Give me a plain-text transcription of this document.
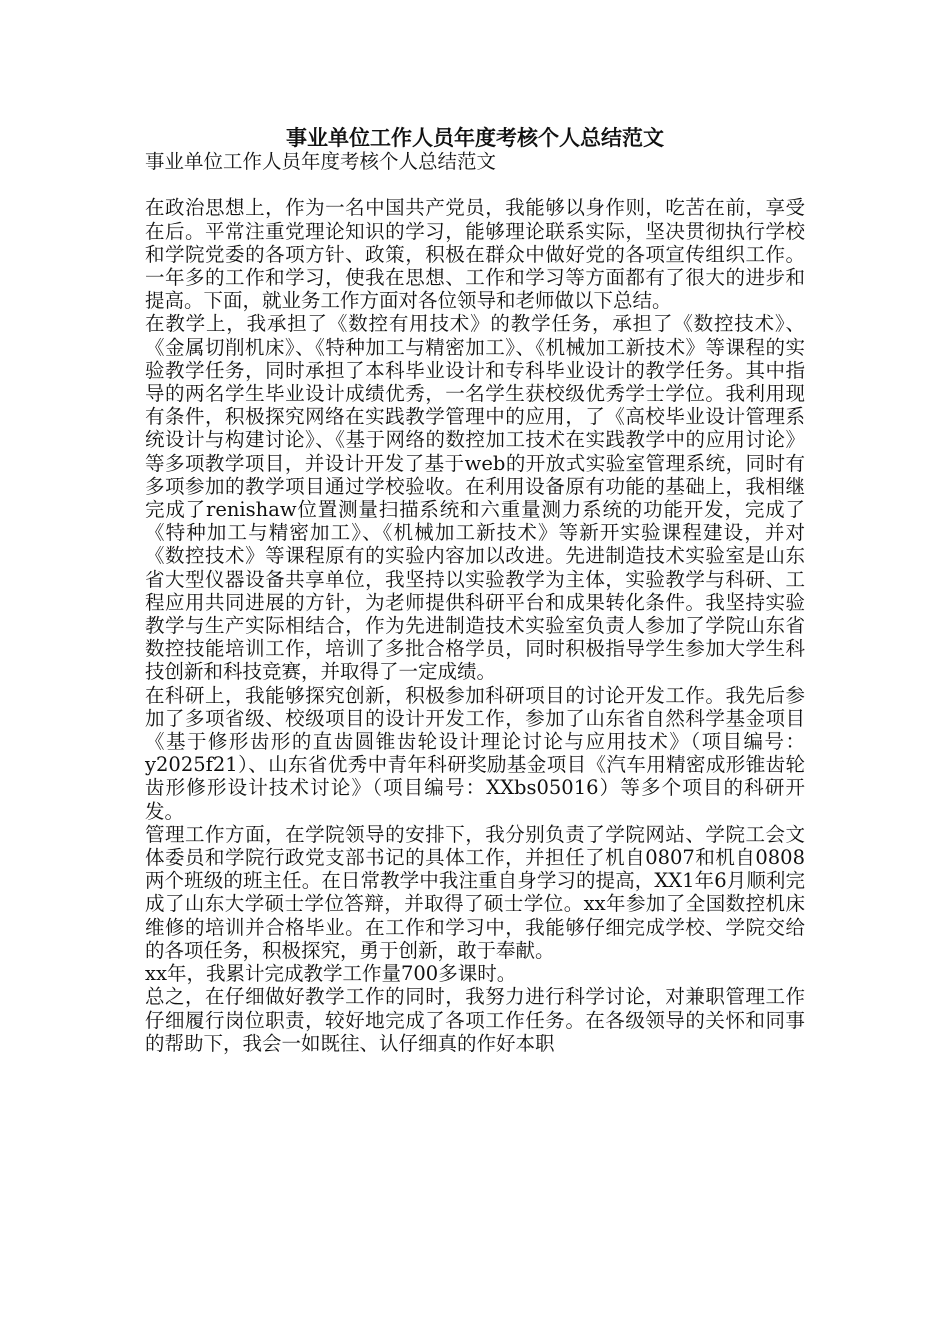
事业单位工作人员年度考核个人总结范文

事业单位工作人员年度考核个人总结范文

在政治思想上，作为一名中国共产党员，我能够以身作则，吃苦在前，享受在后。平常注重党理论知识的学习，能够理论联系实际，坚决贯彻执行学校和学院党委的各项方针、政策，积极在群众中做好党的各项宣传组织工作。一年多的工作和学习，使我在思想、工作和学习等方面都有了很大的进步和提高。下面，就业务工作方面对各位领导和老师做以下总结。

在教学上，我承担了《数控有用技术》的教学任务，承担了《数控技术》、《金属切削机床》、《特种加工与精密加工》、《机械加工新技术》等课程的实验教学任务，同时承担了本科毕业设计和专科毕业设计的教学任务。其中指导的两名学生毕业设计成绩优秀，一名学生获校级优秀学士学位。我利用现有条件，积极探究网络在实践教学管理中的应用，了《高校毕业设计管理系统设计与构建讨论》、《基于网络的数控加工技术在实践教学中的应用讨论》等多项教学项目，并设计开发了基于web的开放式实验室管理系统，同时有多项参加的教学项目通过学校验收。在利用设备原有功能的基础上，我相继完成了renishaw位置测量扫描系统和六重量测力系统的功能开发，完成了《特种加工与精密加工》、《机械加工新技术》等新开实验课程建设，并对《数控技术》等课程原有的实验内容加以改进。先进制造技术实验室是山东省大型仪器设备共享单位，我坚持以实验教学为主体，实验教学与科研、工程应用共同进展的方针，为老师提供科研平台和成果转化条件。我坚持实验教学与生产实际相结合，作为先进制造技术实验室负责人参加了学院山东省数控技能培训工作，培训了多批合格学员，同时积极指导学生参加大学生科技创新和科技竞赛，并取得了一定成绩。

在科研上，我能够探究创新，积极参加科研项目的讨论开发工作。我先后参加了多项省级、校级项目的设计开发工作，参加了山东省自然科学基金项目《基于修形齿形的直齿圆锥齿轮设计理论讨论与应用技术》（项目编号：y2025f21）、山东省优秀中青年科研奖励基金项目《汽车用精密成形锥齿轮齿形修形设计技术讨论》（项目编号：XXbs05016）等多个项目的科研开发。

管理工作方面，在学院领导的安排下，我分别负责了学院网站、学院工会文体委员和学院行政党支部书记的具体工作，并担任了机自0807和机自0808两个班级的班主任。在日常教学中我注重自身学习的提高，XX1年6月顺利完成了山东大学硕士学位答辩，并取得了硕士学位。xx年参加了全国数控机床维修的培训并合格毕业。在工作和学习中，我能够仔细完成学校、学院交给的各项任务，积极探究，勇于创新，敢于奉献。

xx年，我累计完成教学工作量700多课时。

总之，在仔细做好教学工作的同时，我努力进行科学讨论，对兼职管理工作仔细履行岗位职责，较好地完成了各项工作任务。在各级领导的关怀和同事的帮助下，我会一如既往、认仔细真的作好本职
